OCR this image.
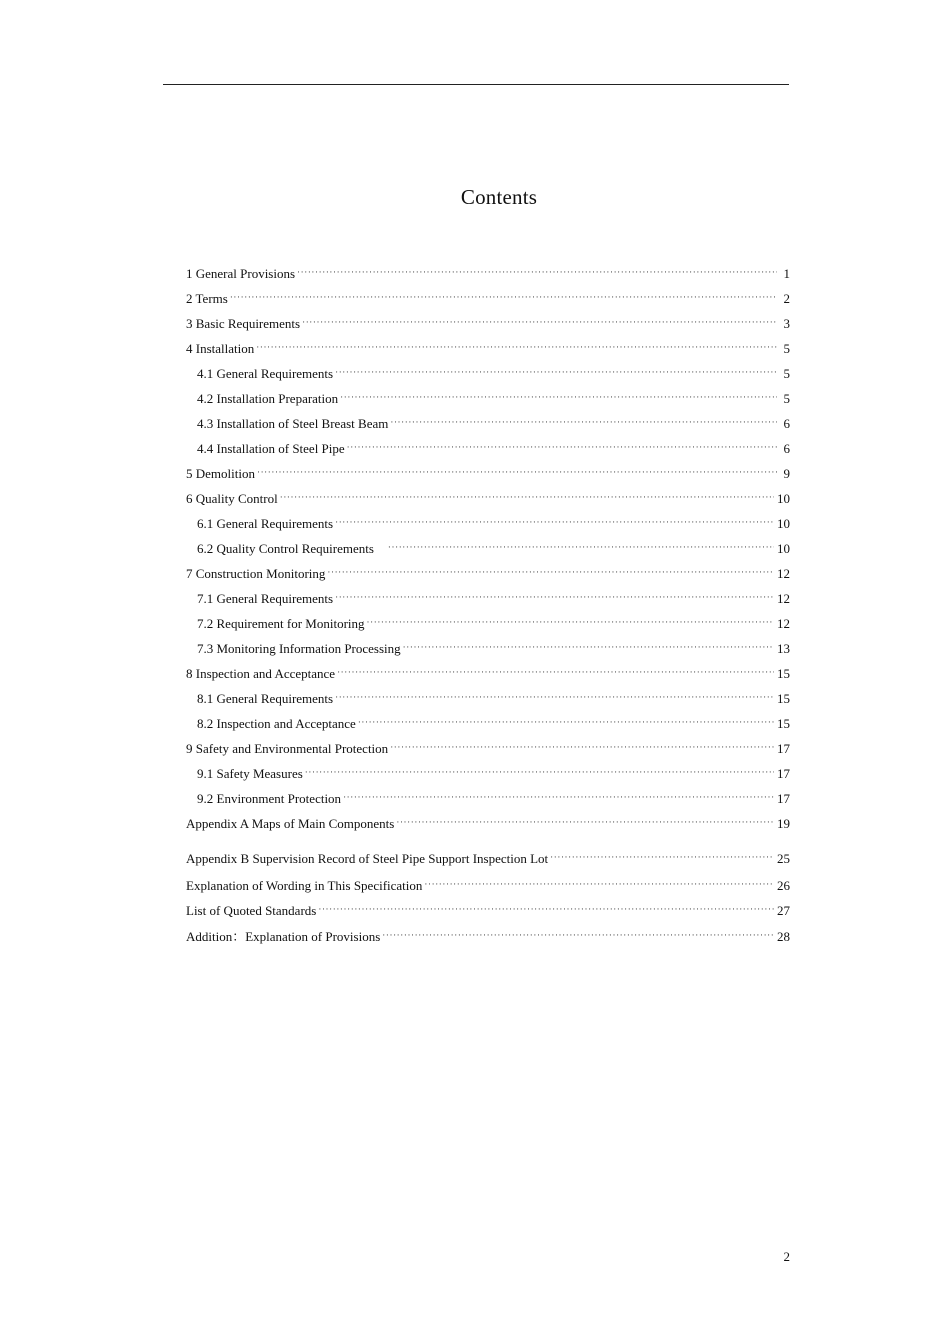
Contents
1 General Provisions ·····	1
2 Terms ·····	2
3 Basic Requirements ·····	3
4 Installation ·····	5
4.1 General Requirements ·····	5
4.2 Installation Preparation ·····	5
4.3 Installation of Steel Breast Beam ·····	6
4.4 Installation of Steel Pipe ·····	6
5 Demolition ·····	9
6 Quality Control ·····	10
6.1 General Requirements ·····	10
6.2 Quality Control Requirements ·····	10
7 Construction Monitoring ·····	12
7.1 General Requirements ·····	12
7.2 Requirement for Monitoring ·····	12
7.3 Monitoring Information Processing ·····	13
8 Inspection and Acceptance ·····	15
8.1 General Requirements ·····	15
8.2 Inspection and Acceptance ·····	15
9 Safety and Environmental Protection ·····	17
9.1 Safety Measures ·····	17
9.2 Environment Protection ·····	17
Appendix A Maps of Main Components ·····	19
Appendix B Supervision Record of Steel Pipe Support Inspection Lot ·····	25
Explanation of Wording in This Specification ·····	26
List of Quoted Standards ·····	27
Addition：Explanation of Provisions ·····	28
2
